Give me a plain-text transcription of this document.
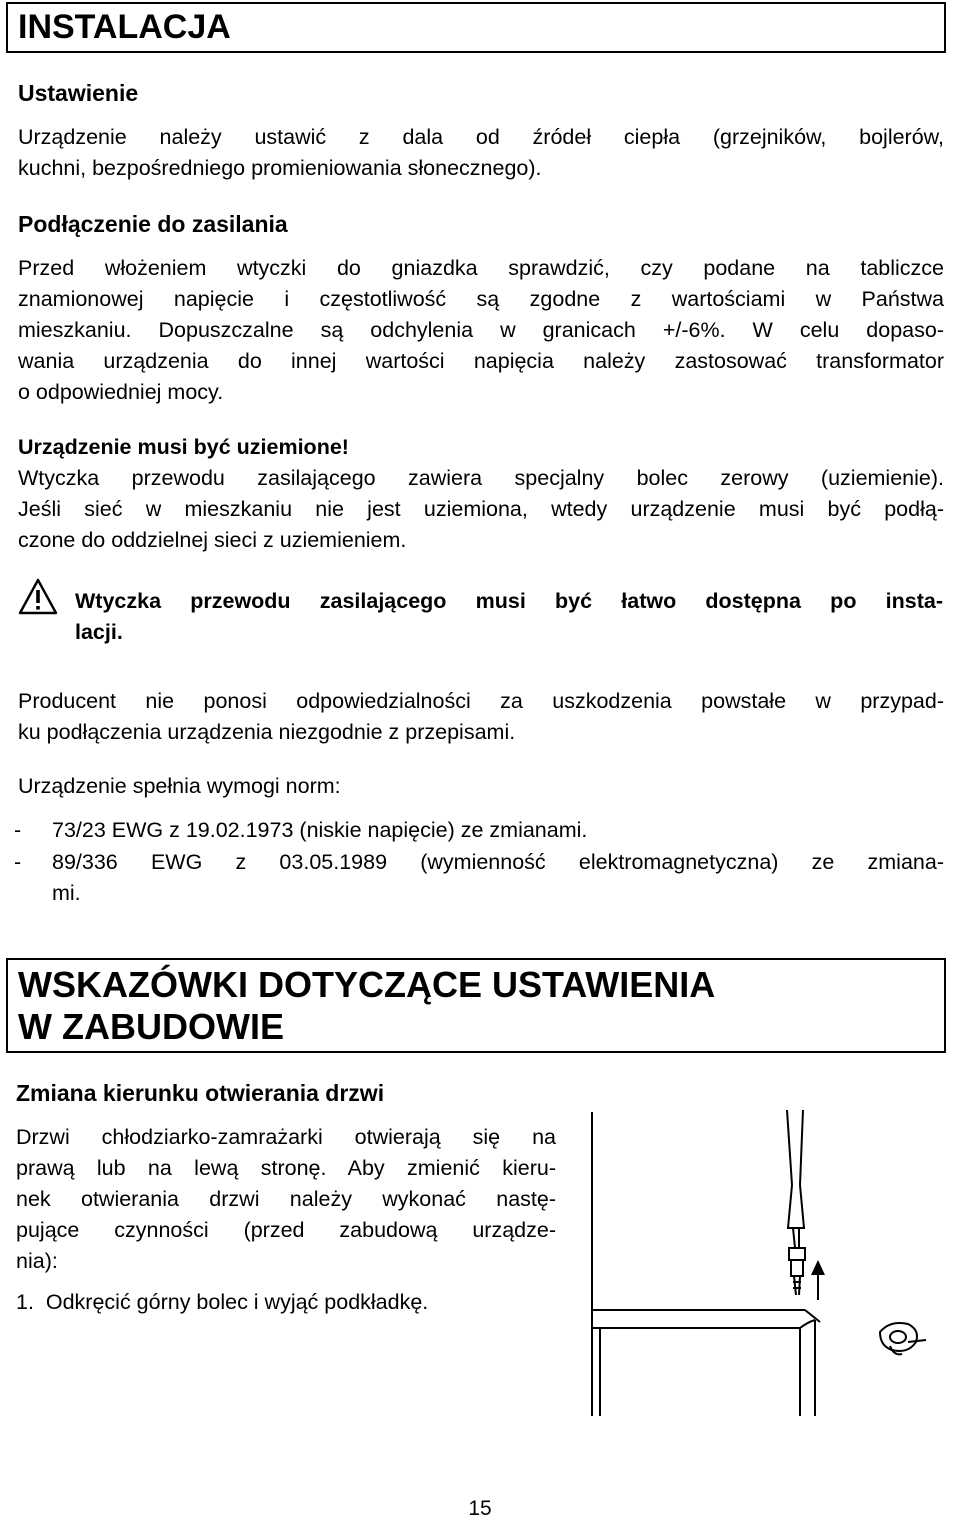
INSTALACJA
Ustawienie
Urządzenie należy ustawić z dala od źródeł ciepła (grzejników, bojlerów,
kuchni, bezpośredniego promieniowania słonecznego).
Podłączenie do zasilania
Przed włożeniem wtyczki do gniazdka sprawdzić, czy podane na tabliczce
znamionowej napięcie i częstotliwość są zgodne z wartościami w Państwa
mieszkaniu. Dopuszczalne są odchylenia w granicach +/-6%. W celu dopaso-
wania urządzenia do innej wartości napięcia należy zastosować transformator
o odpowiedniej mocy.
Urządzenie musi być uziemione!
Wtyczka przewodu zasilającego zawiera specjalny bolec zerowy (uziemienie).
Jeśli sieć w mieszkaniu nie jest uziemiona, wtedy urządzenie musi być podłą-
czone do oddzielnej sieci z uziemieniem.
Wtyczka przewodu zasilającego musi być łatwo dostępna po insta-
lacji.
Producent nie ponosi odpowiedzialności za uszkodzenia powstałe w przypad-
ku podłączenia urządzenia niezgodnie z przepisami.
Urządzenie spełnia wymogi norm:
- 73/23 EWG z 19.02.1973 (niskie napięcie) ze zmianami.
- 89/336 EWG z 03.05.1989 (wymienność elektromagnetyczna) ze zmiana-
mi.
WSKAZÓWKI DOTYCZĄCE USTAWIENIA
W ZABUDOWIE
Zmiana kierunku otwierania drzwi
Drzwi chłodziarko-zamrażarki otwierają się na
prawą lub na lewą stronę. Aby zmienić kieru-
nek otwierania drzwi należy wykonać nastę-
pujące czynności (przed zabudową urządze-
nia):
1.  Odkręcić górny bolec i wyjąć podkładkę.
15
